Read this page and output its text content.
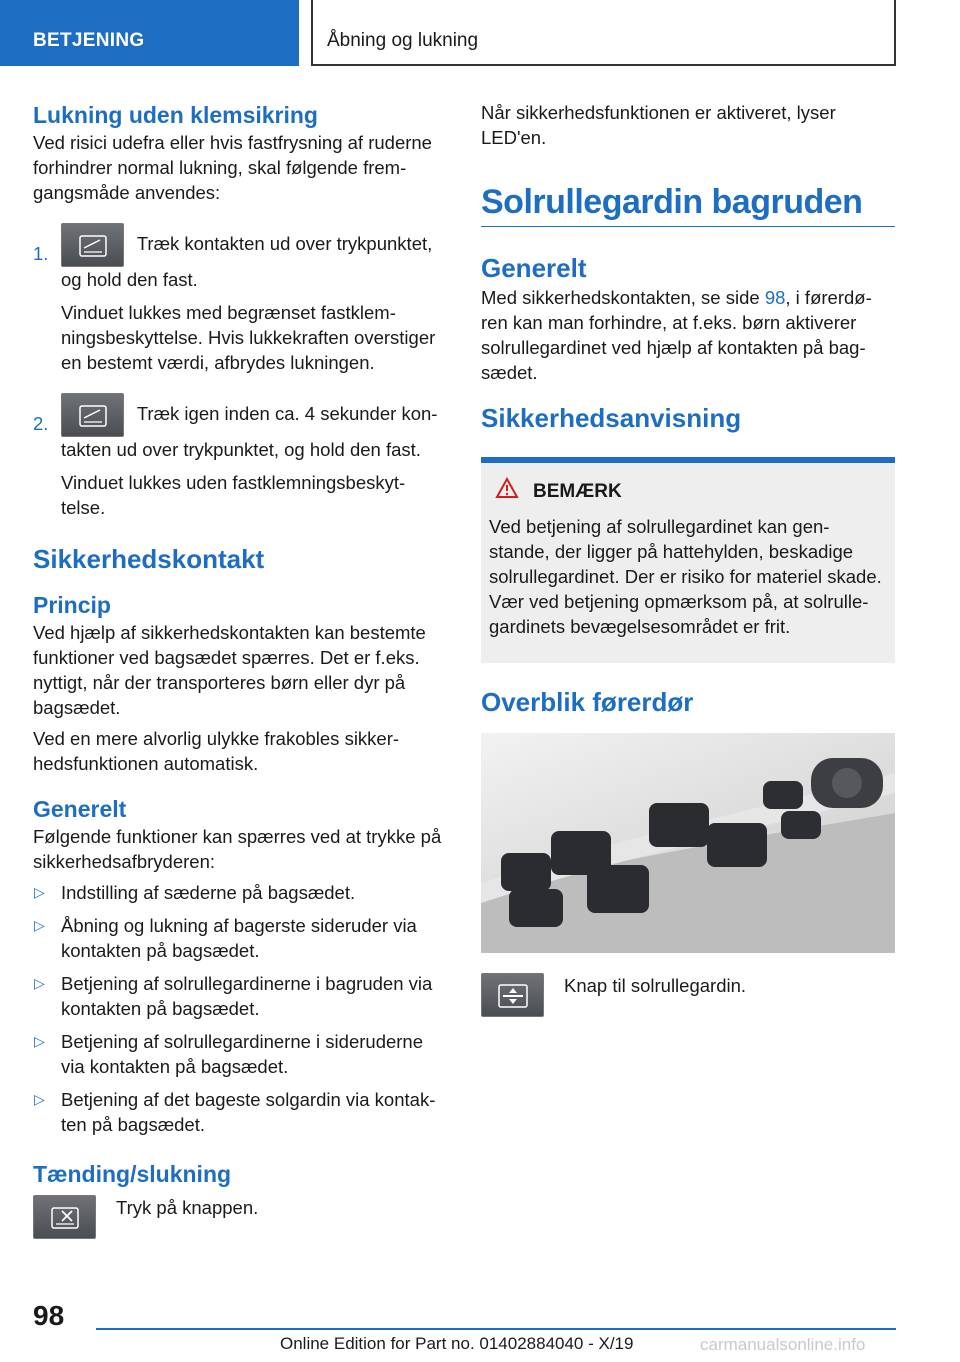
BETJENING	Åbning og lukning
Lukning uden klemsikring

Ved risici udefra eller hvis fastfrysning af ruderne forhindrer normal lukning, skal følgende frem-gangsmåde anvendes:

1.	Træk kontakten ud over trykpunktet, og hold den fast.

Vinduet lukkes med begrænset fastklem-ningsbeskyttelse. Hvis lukkekraften overstiger en bestemt værdi, afbrydes lukningen.

2.	Træk igen inden ca. 4 sekunder kon-takten ud over trykpunktet, og hold den fast.

Vinduet lukkes uden fastklemningsbeskyt-telse.

Sikkerhedskontakt
Princip

Ved hjælp af sikkerhedskontakten kan bestemte funktioner ved bagsædet spærres. Det er f.eks. nyttigt, når der transporteres børn eller dyr på bagsædet.

Ved en mere alvorlig ulykke frakobles sikker-hedsfunktionen automatisk.

Generelt

Følgende funktioner kan spærres ved at trykke på sikkerhedsafbryderen:

▷ Indstilling af sæderne på bagsædet.
▷ Åbning og lukning af bagerste sideruder via kontakten på bagsædet.
▷ Betjening af solrullegardinerne i bagruden via kontakten på bagsædet.
▷ Betjening af solrullegardinerne i sideruderne via kontakten på bagsædet.
▷ Betjening af det bageste solgardin via kontak-ten på bagsædet.
Tænding/slukning
Tryk på knappen.

Når sikkerhedsfunktionen er aktiveret, lyser LED'en.

Solrullegardin bagruden
Generelt

Med sikkerhedskontakten, se side 98, i førerdø-ren kan man forhindre, at f.eks. børn aktiverer solrullegardinet ved hjælp af kontakten på bag-sædet.

Sikkerhedsanvisning
BEMÆRK

Ved betjening af solrullegardinet kan gen-stande, der ligger på hattehylden, beskadige solrullegardinet. Der er risiko for materiel skade. Vær ved betjening opmærksom på, at solrulle-gardinets bevægelsesområdet er frit.

Overblik førerdør
Knap til solrullegardin.
98
Online Edition for Part no. 01402884040 - X/19	carmanualsonline.info
